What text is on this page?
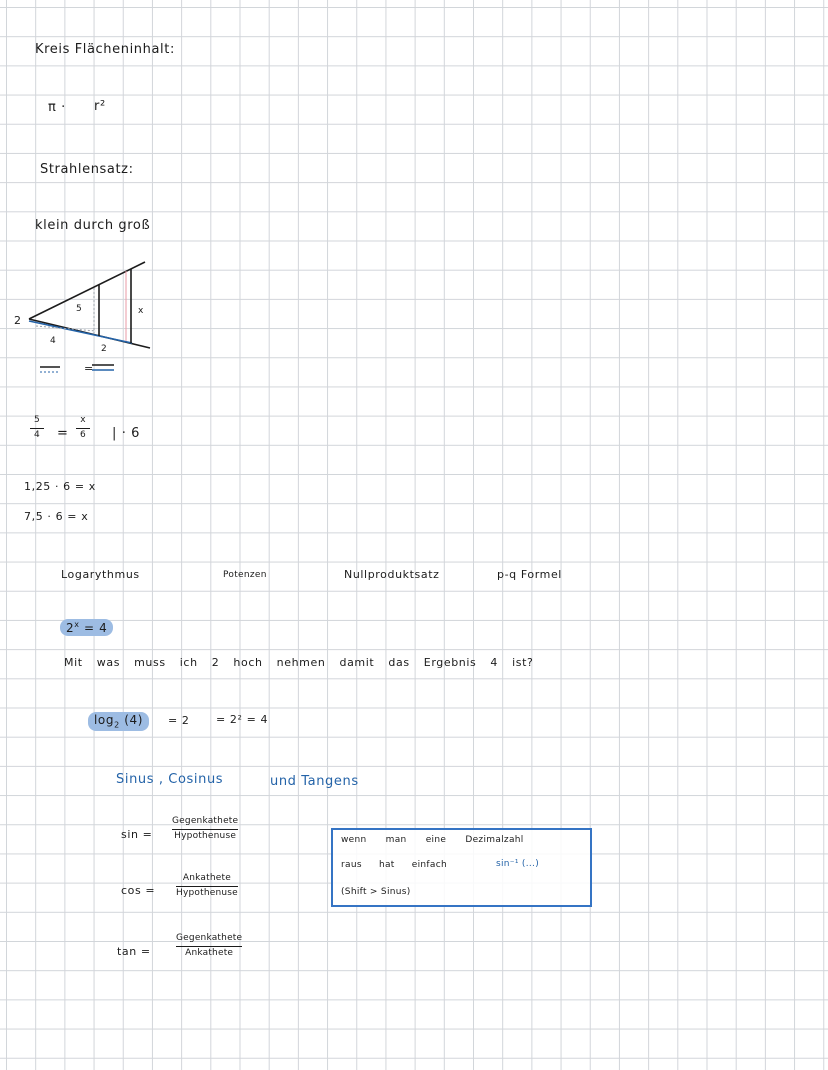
Kreis Flächeninhalt:
π · r²
Strahlensatz:
klein durch groß
=
2
5	x
4
2
5
4 =
x
6 | · 6
1,25 · 6 = x
7,5 · 6 = x
Logarythmus	Potenzen	Nullproduktsatz	p-q Formel
$2^x = 4$
Mit was muss ich 2 hoch nehmen damit das Ergebnis 4 ist?
$\log_2 (4)$	= 2 = 2² = 4
Sinus , Cosinus	und Tangens
sin =
Gegenkathete
Hypothenuse
cos =
Ankathete
Hypothenuse
tan =
Gegenkathete
Ankathete
wenn man eine Dezimalzahl
raus hat einfach	sin⁻¹ (...)
(Shift > Sinus)
